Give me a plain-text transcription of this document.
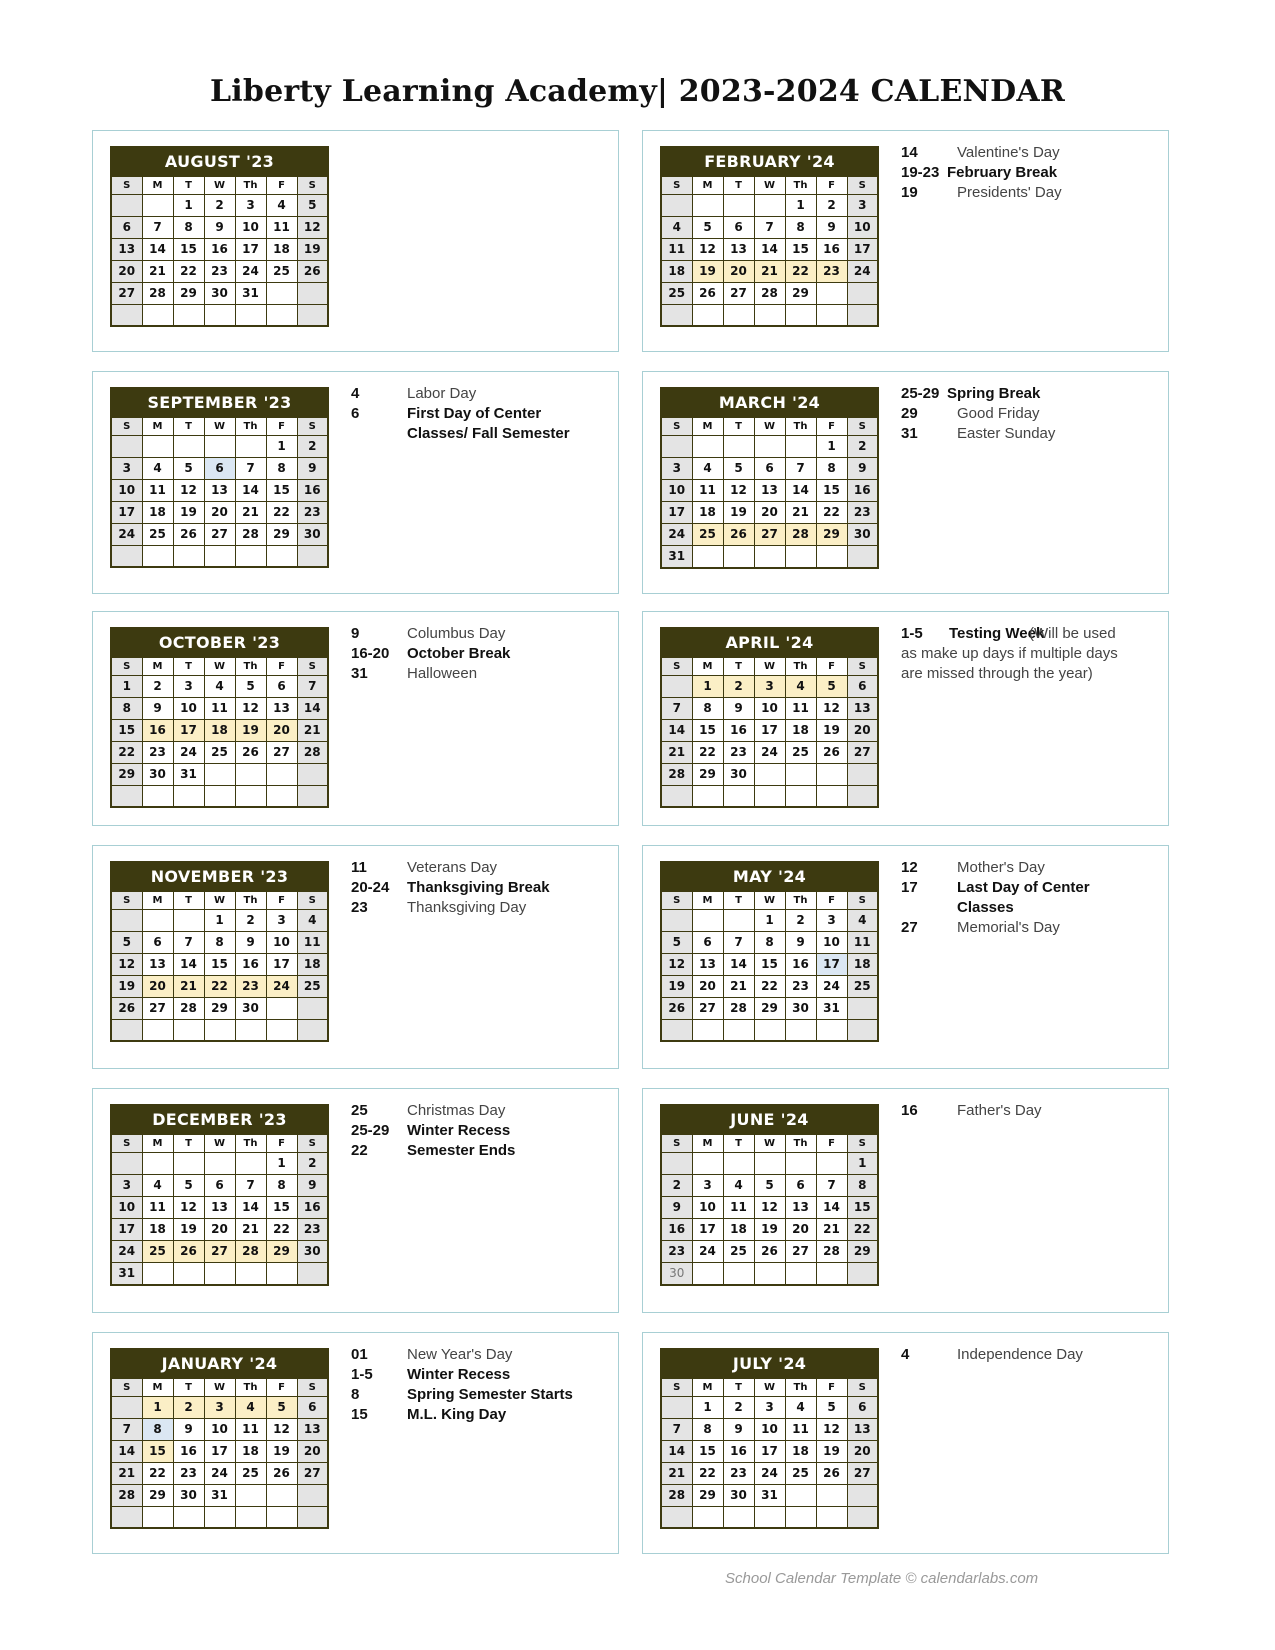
Liberty Learning Academy| 2023-2024 CALENDAR
AUGUST '23						
S	M	T	W	Th	F	S
		1	2	3	4	5
6	7	8	9	10	11	12
13	14	15	16	17	18	19
20	21	22	23	24	25	26
27	28	29	30	31		

FEBRUARY '24						
S	M	T	W	Th	F	S
				1	2	3
4	5	6	7	8	9	10
11	12	13	14	15	16	17
18	19	20	21	22	23	24
25	26	27	28	29		

14	Valentine's Day
19-23 February Break
19	Presidents' Day
SEPTEMBER '23						
S	M	T	W	Th	F	S
					1	2
3	4	5	6	7	8	9
10	11	12	13	14	15	16
17	18	19	20	21	22	23
24	25	26	27	28	29	30

4	Labor Day
6	First Day of Center
Classes/ Fall Semester
MARCH '24						
S	M	T	W	Th	F	S
					1	2
3	4	5	6	7	8	9
10	11	12	13	14	15	16
17	18	19	20	21	22	23
24	25	26	27	28	29	30
31						
25-29 Spring Break
29	Good Friday
31	Easter Sunday
OCTOBER '23						
S	M	T	W	Th	F	S
1	2	3	4	5	6	7
8	9	10	11	12	13	14
15	16	17	18	19	20	21
22	23	24	25	26	27	28
29	30	31				

9	Columbus Day
16-20 October Break
31	Halloween
APRIL '24						
S	M	T	W	Th	F	S
	1	2	3	4	5	6
7	8	9	10	11	12	13
14	15	16	17	18	19	20
21	22	23	24	25	26	27
28	29	30				

1-5 Testing Week
(Will be used
as make up days if multiple days
are missed through the year)
NOVEMBER '23						
S	M	T	W	Th	F	S
			1	2	3	4
5	6	7	8	9	10	11
12	13	14	15	16	17	18
19	20	21	22	23	24	25
26	27	28	29	30		

11	Veterans Day
20-24 Thanksgiving Break
23	Thanksgiving Day
MAY '24						
S	M	T	W	Th	F	S
			1	2	3	4
5	6	7	8	9	10	11
12	13	14	15	16	17	18
19	20	21	22	23	24	25
26	27	28	29	30	31	

12	Mother's Day
17	Last Day of Center
Classes
27	Memorial's Day
DECEMBER '23						
S	M	T	W	Th	F	S
					1	2
3	4	5	6	7	8	9
10	11	12	13	14	15	16
17	18	19	20	21	22	23
24	25	26	27	28	29	30
31						
25	Christmas Day
25-29 Winter Recess
22	Semester Ends
JUNE '24						
S	M	T	W	Th	F	S
						1
2	3	4	5	6	7	8
9	10	11	12	13	14	15
16	17	18	19	20	21	22
23	24	25	26	27	28	29
30						
16	Father's Day
JANUARY '24						
S	M	T	W	Th	F	S
	1	2	3	4	5	6
7	8	9	10	11	12	13
14	15	16	17	18	19	20
21	22	23	24	25	26	27
28	29	30	31			

01	New Year's Day
1-5 Winter Recess
8	Spring Semester Starts
15	M.L. King Day
JULY '24						
S	M	T	W	Th	F	S
	1	2	3	4	5	6
7	8	9	10	11	12	13
14	15	16	17	18	19	20
21	22	23	24	25	26	27
28	29	30	31			

4	Independence Day
School Calendar Template © calendarlabs.com
